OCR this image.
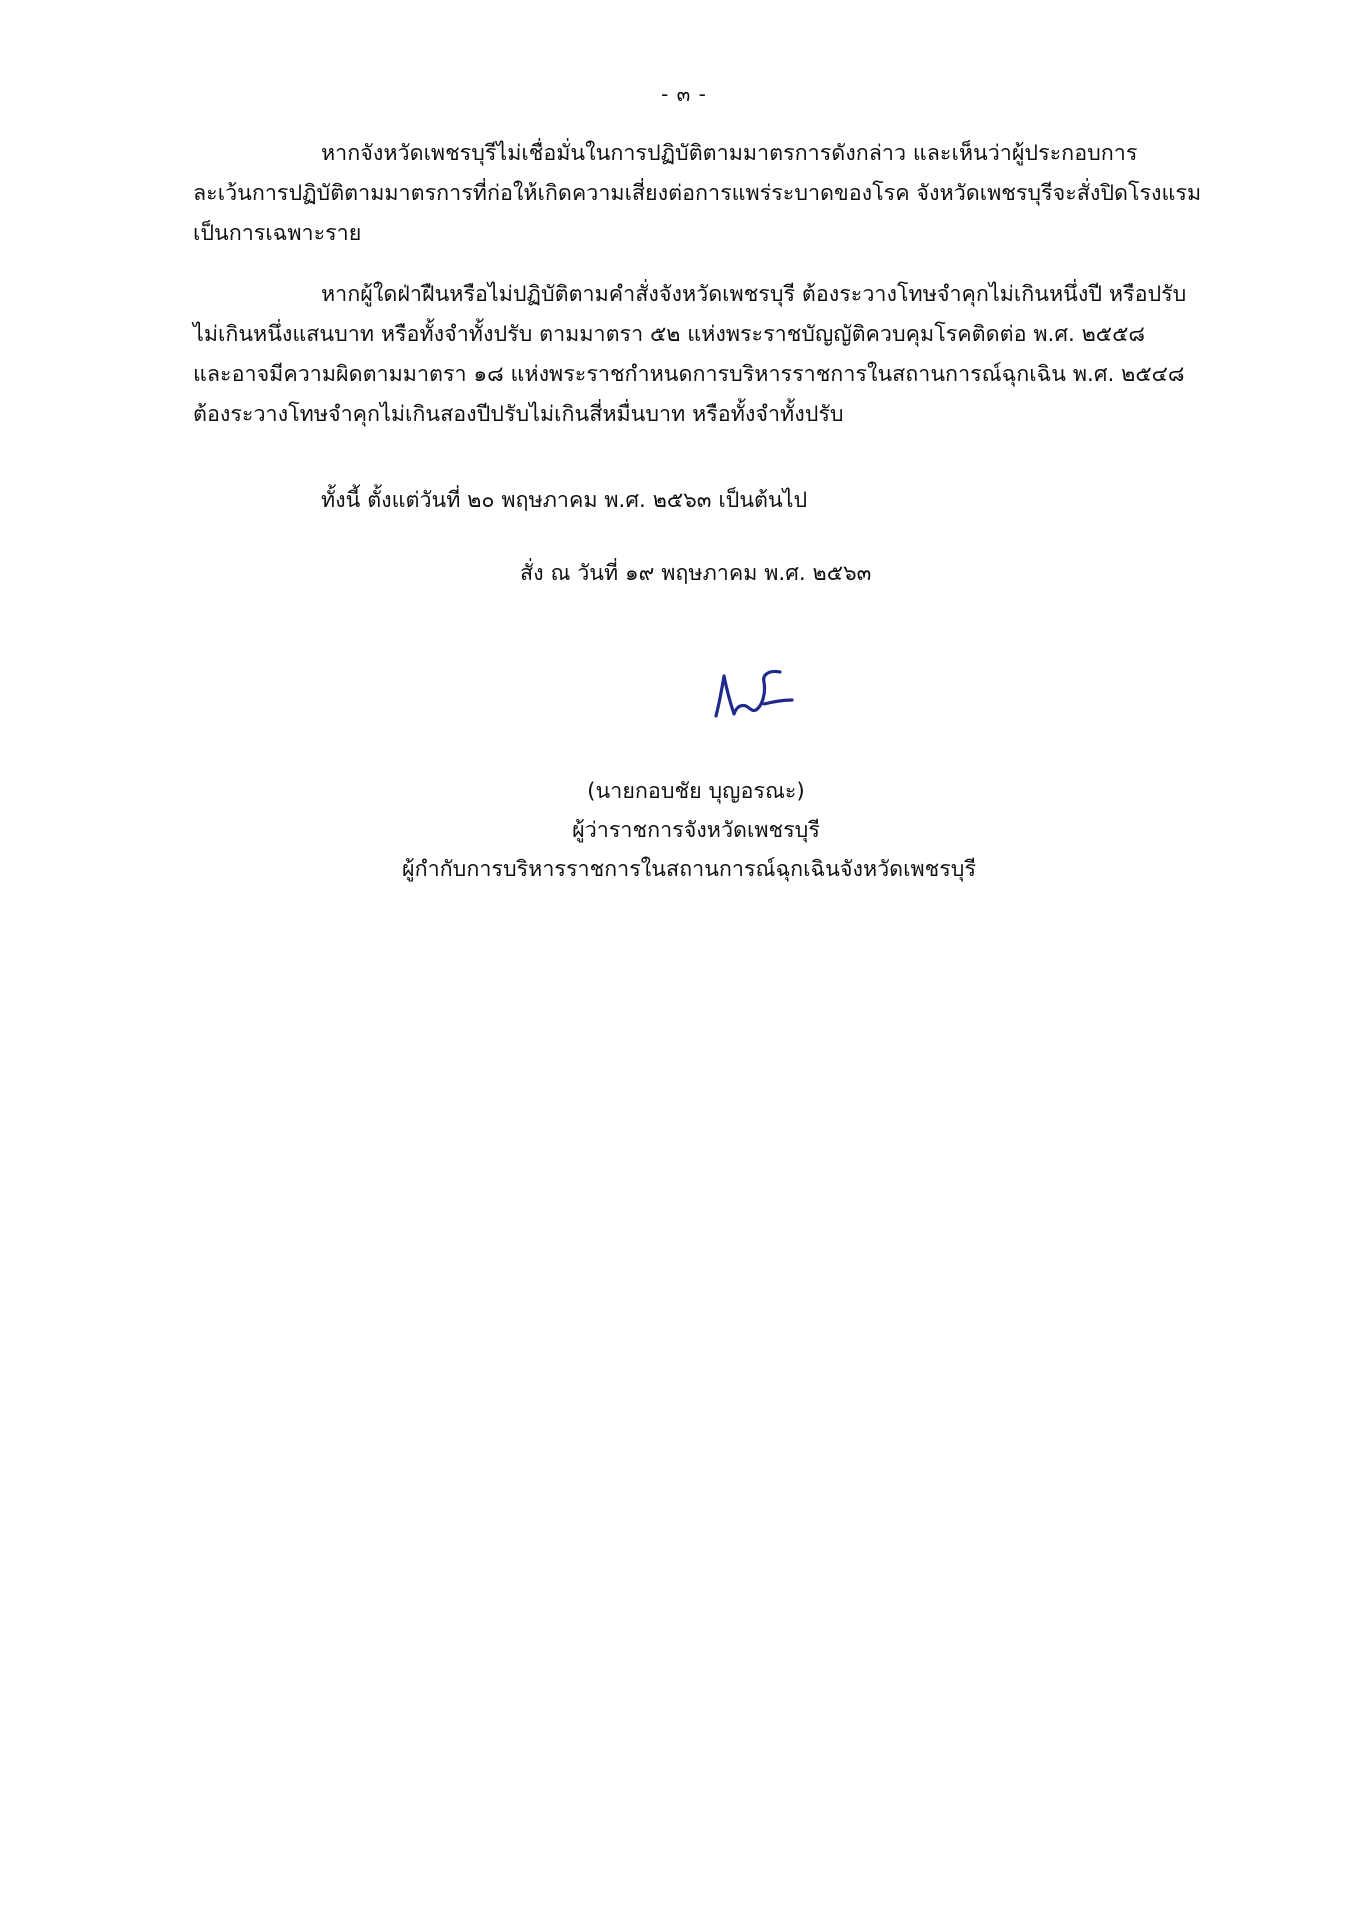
- ๓ -
หากจังหวัดเพชรบุรีไม่เชื่อมั่นในการปฏิบัติตามมาตรการดังกล่าว และเห็นว่าผู้ประกอบการ
ละเว้นการปฏิบัติตามมาตรการที่ก่อให้เกิดความเสี่ยงต่อการแพร่ระบาดของโรค จังหวัดเพชรบุรีจะสั่งปิดโรงแรม
เป็นการเฉพาะราย
หากผู้ใดฝ่าฝืนหรือไม่ปฏิบัติตามคำสั่งจังหวัดเพชรบุรี ต้องระวางโทษจำคุกไม่เกินหนึ่งปี หรือปรับ
ไม่เกินหนึ่งแสนบาท หรือทั้งจำทั้งปรับ ตามมาตรา ๕๒ แห่งพระราชบัญญัติควบคุมโรคติดต่อ พ.ศ. ๒๕๕๘
และอาจมีความผิดตามมาตรา ๑๘ แห่งพระราชกำหนดการบริหารราชการในสถานการณ์ฉุกเฉิน พ.ศ. ๒๕๔๘
ต้องระวางโทษจำคุกไม่เกินสองปีปรับไม่เกินสี่หมื่นบาท หรือทั้งจำทั้งปรับ
ทั้งนี้ ตั้งแต่วันที่ ๒๐ พฤษภาคม พ.ศ. ๒๕๖๓ เป็นต้นไป
สั่ง ณ วันที่ ๑๙ พฤษภาคม พ.ศ. ๒๕๖๓
(นายกอบชัย บุญอรณะ)
ผู้ว่าราชการจังหวัดเพชรบุรี
ผู้กำกับการบริหารราชการในสถานการณ์ฉุกเฉินจังหวัดเพชรบุรี
